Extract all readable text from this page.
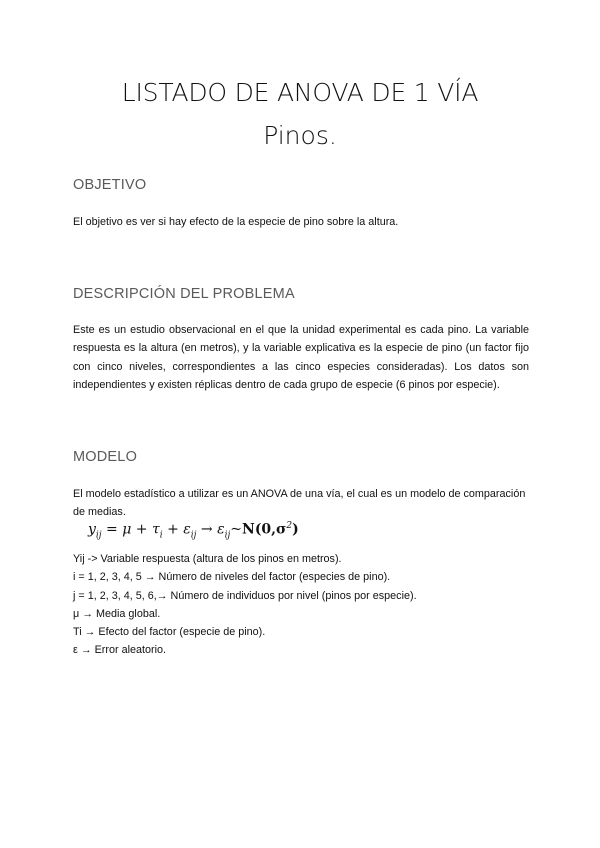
LISTADO DE ANOVA DE 1 VÍA
Pinos.
OBJETIVO

El objetivo es ver si hay efecto de la especie de pino sobre la altura.

DESCRIPCIÓN DEL PROBLEMA

Este es un estudio observacional en el que la unidad experimental es cada pino. La variable respuesta es la altura (en metros), y la variable explicativa es la especie de pino (un factor fijo con cinco niveles, correspondientes a las cinco especies consideradas). Los datos son independientes y existen réplicas dentro de cada grupo de especie (6 pinos por especie).

MODELO

El modelo estadístico a utilizar es un ANOVA de una vía, el cual es un modelo de comparación de medias.

$y_{ij} = \mu + \tau_i + \varepsilon_{ij}$ → $\varepsilon_{ij}\sim N(0,\sigma^2)$
Yij -> Variable respuesta (altura de los pinos en metros).
i = 1, 2, 3, 4, 5 → Número de niveles del factor (especies de pino).
j = 1, 2, 3, 4, 5, 6,→ Número de individuos por nivel (pinos por especie).
μ → Media global.
Ti → Efecto del factor (especie de pino).
ε → Error aleatorio.
